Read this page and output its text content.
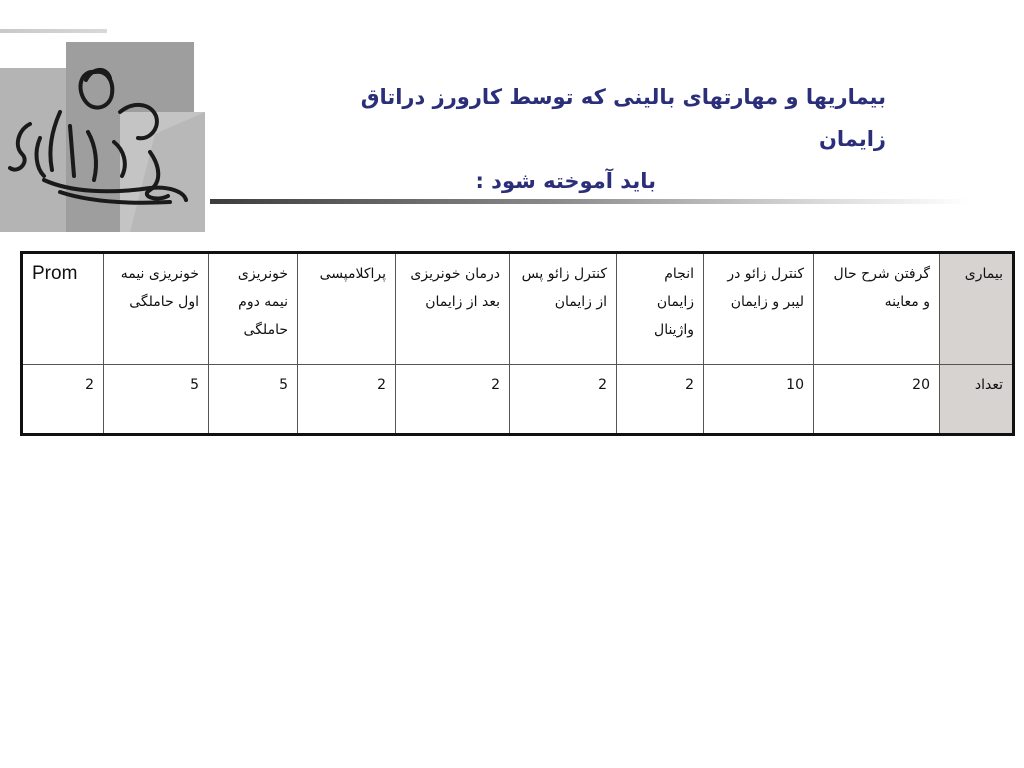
بیماریها و مهارتهای بالینی که توسط کارورز دراتاق زایمان
باید آموخته شود :
بیماری	گرفتن شرح حال و معاینه	کنترل زائو در لیبر و زایمان	انجام زایمان واژینال	کنترل زائو پس از زایمان	درمان خونریزی بعد از زایمان	پراکلامپسی	خونریزی نیمه دوم حاملگی	خونریزی نیمه اول حاملگی	Prom
تعداد	20	10	2	2	2	2	5	5	2
